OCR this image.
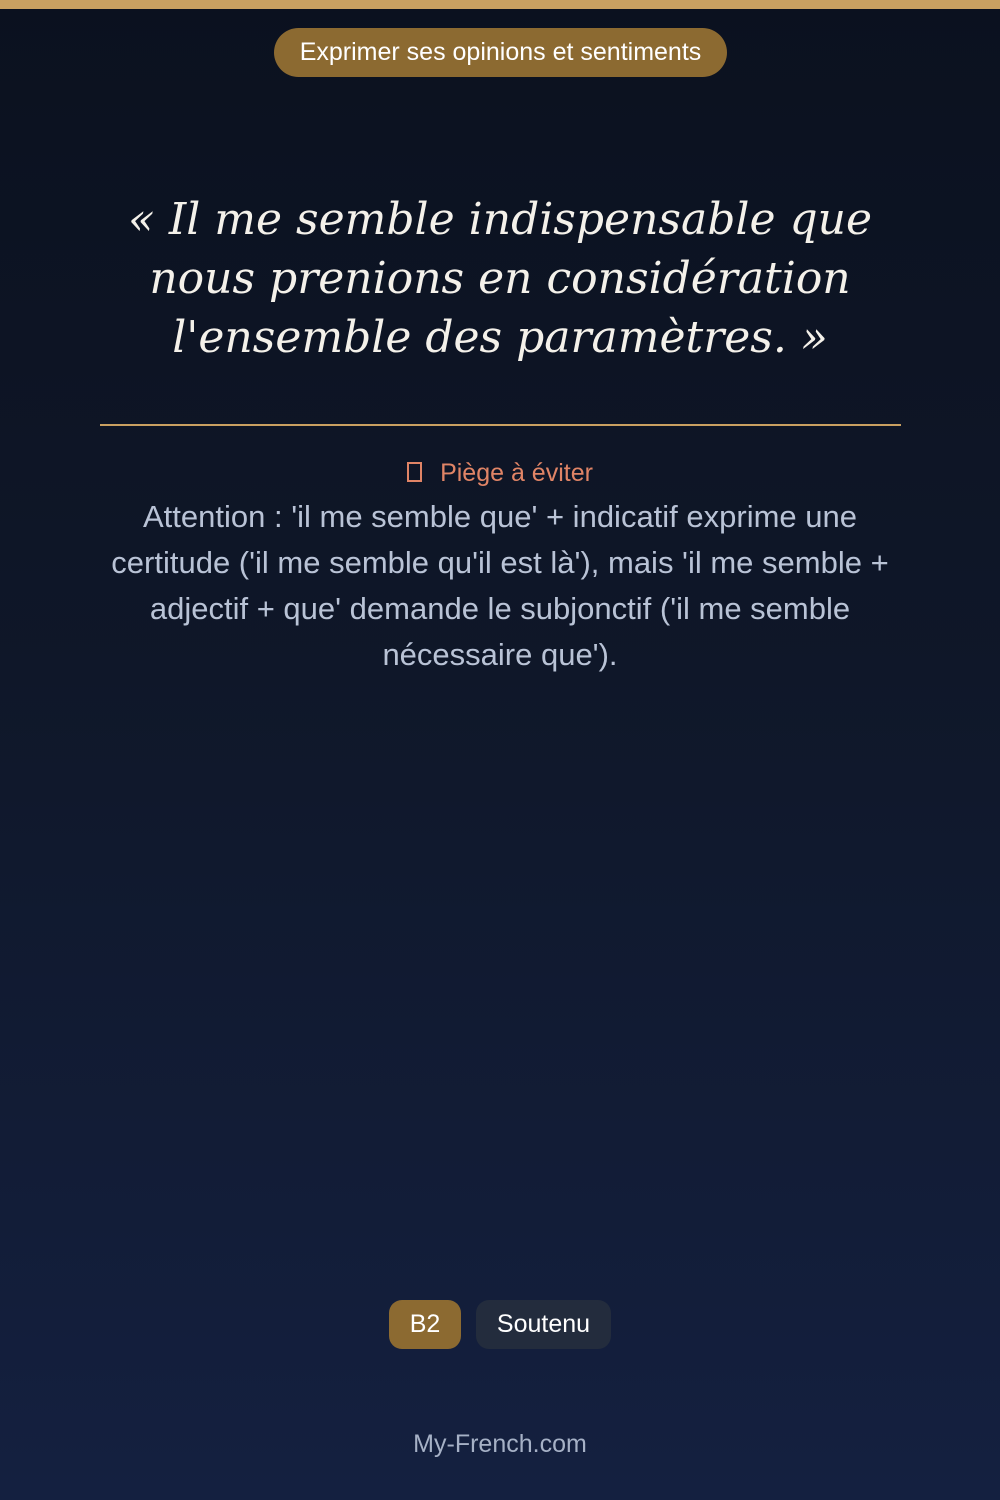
Exprimer ses opinions et sentiments

« Il me semble indispensable que nous prenions en considération l'ensemble des paramètres. »

Piège à éviter

Attention : 'il me semble que' + indicatif exprime une certitude ('il me semble qu'il est là'), mais 'il me semble + adjectif + que' demande le subjonctif ('il me semble nécessaire que').

B2	Soutenu
My-French.com
